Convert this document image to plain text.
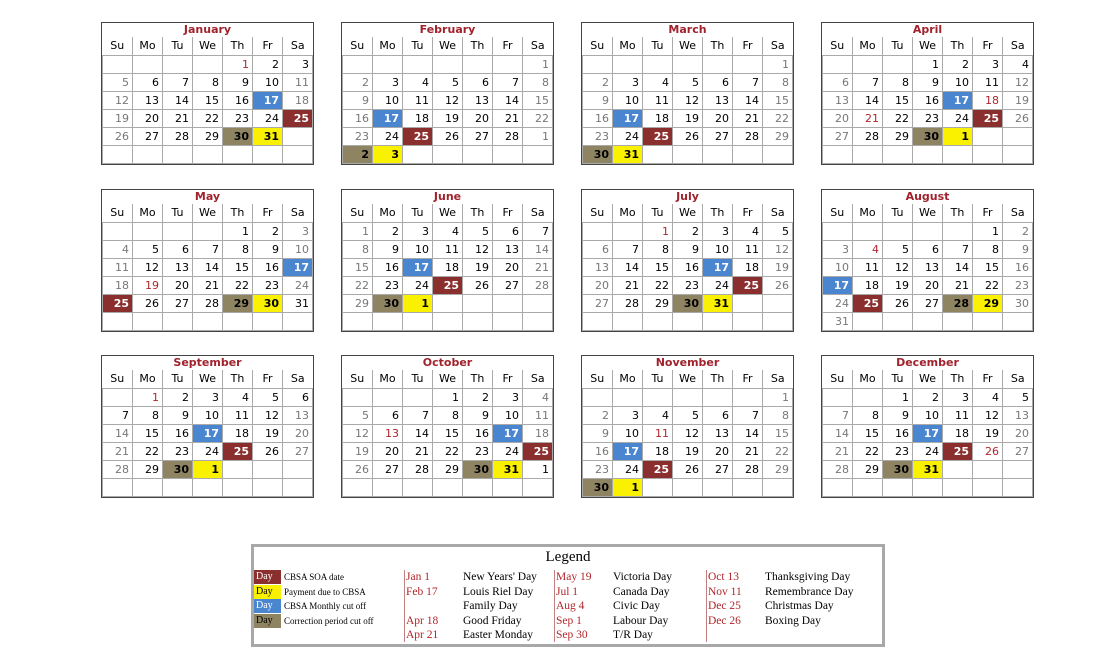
January
Su	Mo	Tu	We	Th	Fr	Sa
				1	2	3
5	6	7	8	9	10	11
12	13	14	15	16	17	18
19	20	21	22	23	24	25
26	27	28	29	30	31	

February
Su	Mo	Tu	We	Th	Fr	Sa
						1
2	3	4	5	6	7	8
9	10	11	12	13	14	15
16	17	18	19	20	21	22
23	24	25	26	27	28	1
2	3					
March
Su	Mo	Tu	We	Th	Fr	Sa
						1
2	3	4	5	6	7	8
9	10	11	12	13	14	15
16	17	18	19	20	21	22
23	24	25	26	27	28	29
30	31					
April
Su	Mo	Tu	We	Th	Fr	Sa
			1	2	3	4
6	7	8	9	10	11	12
13	14	15	16	17	18	19
20	21	22	23	24	25	26
27	28	29	30	1		

May
Su	Mo	Tu	We	Th	Fr	Sa
				1	2	3
4	5	6	7	8	9	10
11	12	13	14	15	16	17
18	19	20	21	22	23	24
25	26	27	28	29	30	31

June
Su	Mo	Tu	We	Th	Fr	Sa
1	2	3	4	5	6	7
8	9	10	11	12	13	14
15	16	17	18	19	20	21
22	23	24	25	26	27	28
29	30	1				

July
Su	Mo	Tu	We	Th	Fr	Sa
		1	2	3	4	5
6	7	8	9	10	11	12
13	14	15	16	17	18	19
20	21	22	23	24	25	26
27	28	29	30	31		

August
Su	Mo	Tu	We	Th	Fr	Sa
					1	2
3	4	5	6	7	8	9
10	11	12	13	14	15	16
17	18	19	20	21	22	23
24	25	26	27	28	29	30
31						
September
Su	Mo	Tu	We	Th	Fr	Sa
	1	2	3	4	5	6
7	8	9	10	11	12	13
14	15	16	17	18	19	20
21	22	23	24	25	26	27
28	29	30	1			

October
Su	Mo	Tu	We	Th	Fr	Sa
			1	2	3	4
5	6	7	8	9	10	11
12	13	14	15	16	17	18
19	20	21	22	23	24	25
26	27	28	29	30	31	1

November
Su	Mo	Tu	We	Th	Fr	Sa
						1
2	3	4	5	6	7	8
9	10	11	12	13	14	15
16	17	18	19	20	21	22
23	24	25	26	27	28	29
30	1					
December
Su	Mo	Tu	We	Th	Fr	Sa
		1	2	3	4	5
7	8	9	10	11	12	13
14	15	16	17	18	19	20
21	22	23	24	25	26	27
28	29	30	31			

Legend
Day	CBSA SOA date
Day	Payment due to CBSA
Day	CBSA Monthly cut off
Day	Correction period cut off
Jan 1	New Years' Day
Feb 17 Louis Riel Day
Family Day
Apr 18 Good Friday
Apr 21 Easter Monday
May 19 Victoria Day
Jul 1	Canada Day
Aug 4 Civic Day
Sep 1	Labour Day
Sep 30 T/R Day
Oct 13 Thanksgiving Day
Nov 11 Remembrance Day
Dec 25 Christmas Day
Dec 26 Boxing Day
